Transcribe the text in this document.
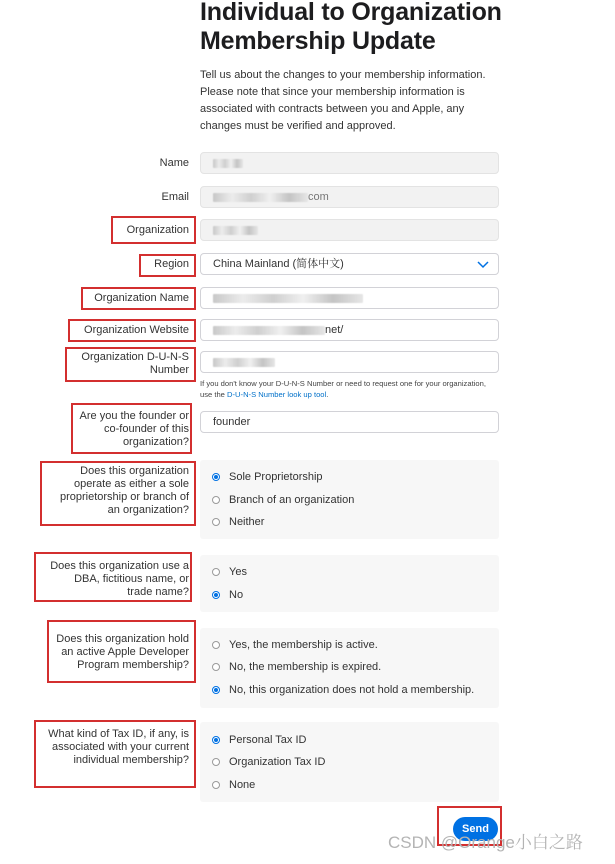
Individual to Organization
Membership Update
Tell us about the changes to your membership information. Please note that since your membership information is associated with contracts between you and Apple, any changes must be verified and approved.
Name
Email	com
Organization
Region	China Mainland (简体中文)
Organization Name
Organization Website	net/
Organization D-U-N-S
Number
If you don't know your D-U-N-S Number or need to request one for your organization, use the D-U-N-S Number look up tool.
Are you the founder or
co-founder of this
organization?
founder
Does this organization
operate as either a sole
proprietorship or branch of
an organization?
Sole Proprietorship
Branch of an organization
Neither
Does this organization use a
DBA, fictitious name, or
trade name?
Yes
No
Does this organization hold
an active Apple Developer
Program membership?
Yes, the membership is active.
No, the membership is expired.
No, this organization does not hold a membership.
What kind of Tax ID, if any, is
associated with your current
individual membership?
Personal Tax ID
Organization Tax ID
None
Send
CSDN @Orange小白之路
